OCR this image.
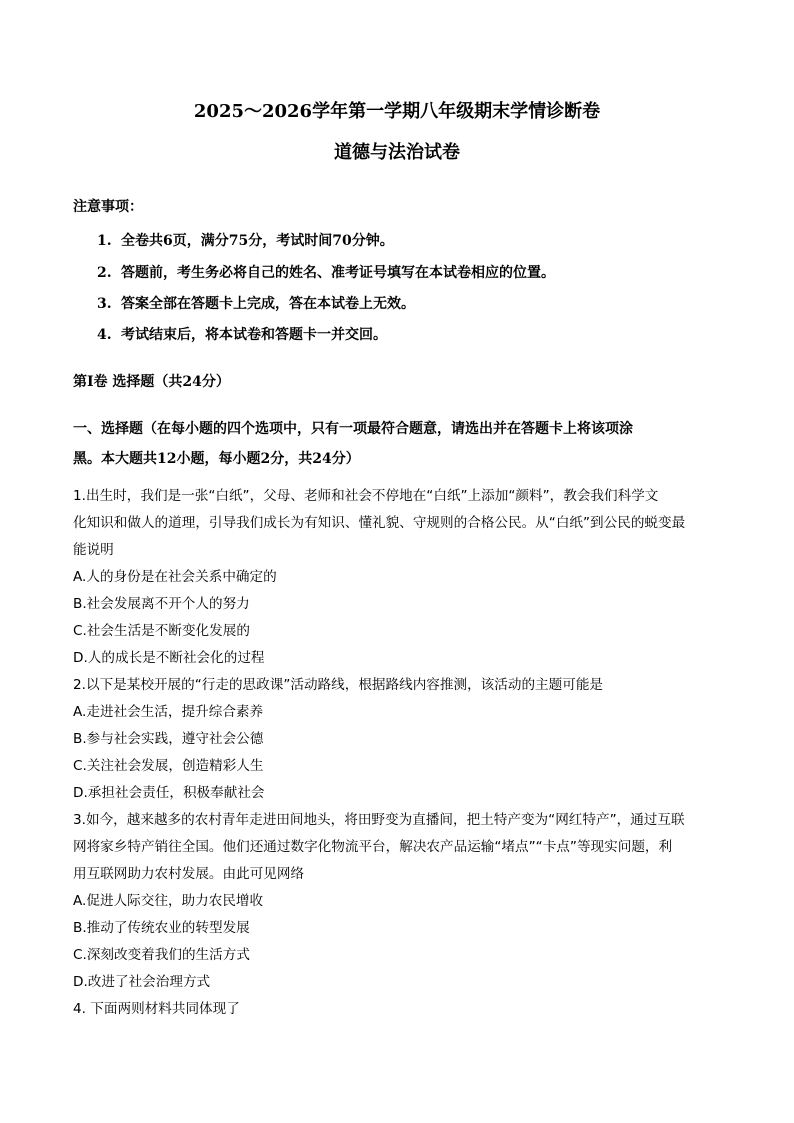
2025～2026学年第一学期八年级期末学情诊断卷
道德与法治试卷
注意事项：
1. 全卷共6页，满分75分，考试时间70分钟。
2. 答题前，考生务必将自己的姓名、准考证号填写在本试卷相应的位置。
3. 答案全部在答题卡上完成，答在本试卷上无效。
4. 考试结束后，将本试卷和答题卡一并交回。
第Ⅰ卷 选择题（共24分）
一、选择题（在每小题的四个选项中，只有一项最符合题意，请选出并在答题卡上将该项涂
黑。本大题共12小题，每小题2分，共24分）
1.出生时，我们是一张“白纸”，父母、老师和社会不停地在“白纸”上添加“颜料”，教会我们科学文
化知识和做人的道理，引导我们成长为有知识、懂礼貌、守规则的合格公民。从“白纸”到公民的蜕变最
能说明
A.人的身份是在社会关系中确定的
B.社会发展离不开个人的努力
C.社会生活是不断变化发展的
D.人的成长是不断社会化的过程
2.以下是某校开展的“行走的思政课”活动路线，根据路线内容推测，该活动的主题可能是
A.走进社会生活，提升综合素养
B.参与社会实践，遵守社会公德
C.关注社会发展，创造精彩人生
D.承担社会责任，积极奉献社会
3.如今，越来越多的农村青年走进田间地头，将田野变为直播间，把土特产变为“网红特产”，通过互联
网将家乡特产销往全国。他们还通过数字化物流平台，解决农产品运输“堵点”“卡点”等现实问题，利
用互联网助力农村发展。由此可见网络
A.促进人际交往，助力农民增收
B.推动了传统农业的转型发展
C.深刻改变着我们的生活方式
D.改进了社会治理方式
4. 下面两则材料共同体现了
